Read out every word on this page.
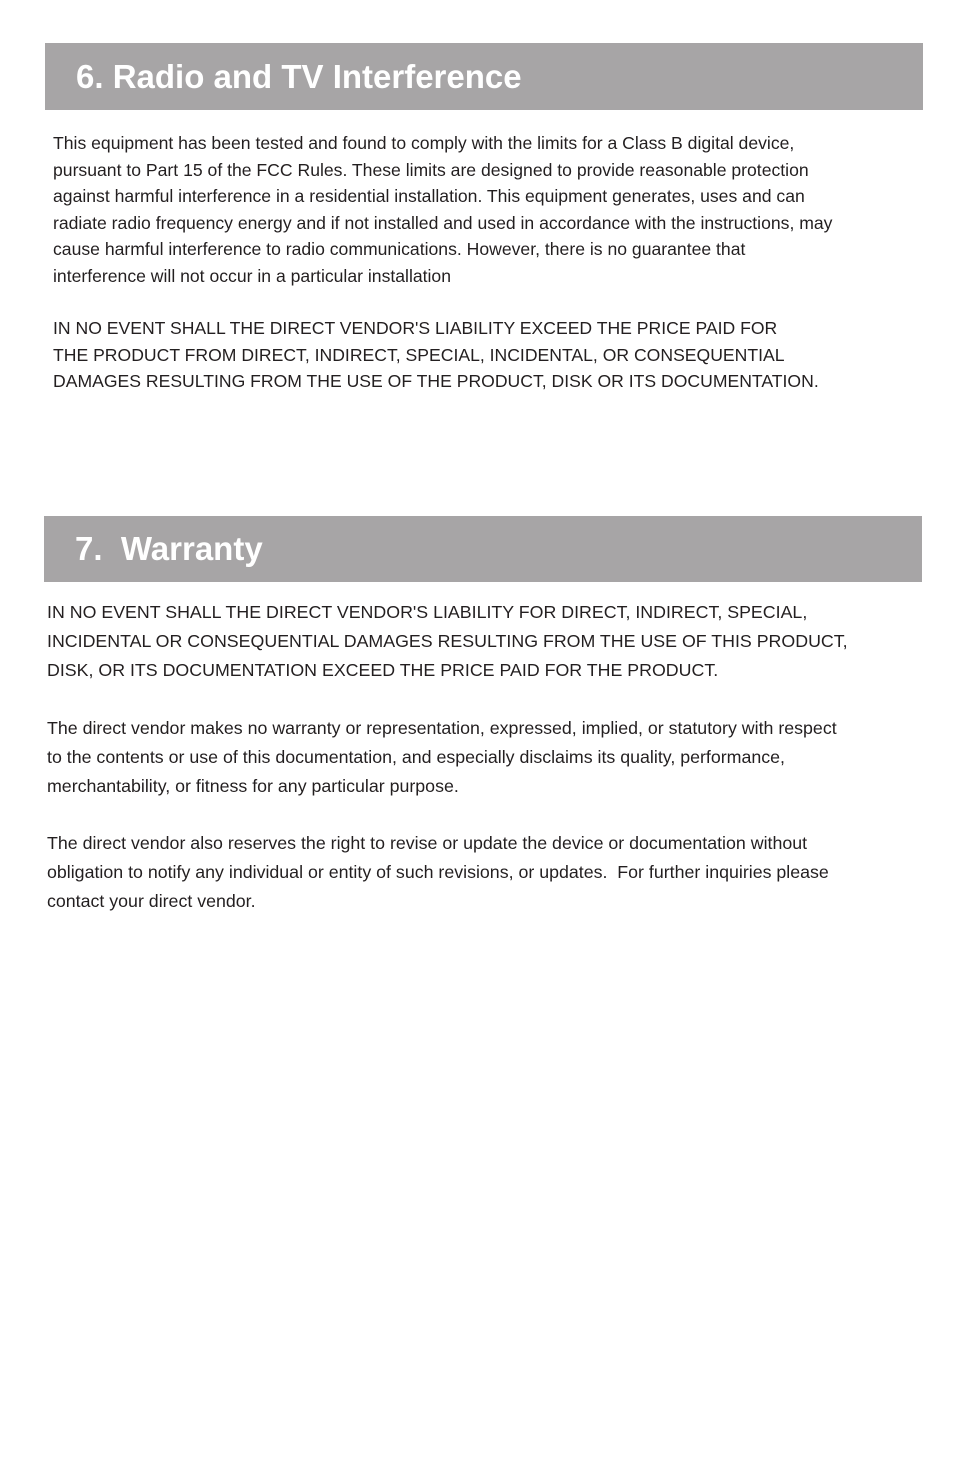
6. Radio and TV Interference

This equipment has been tested and found to comply with the limits for a Class B digital device,
pursuant to Part 15 of the FCC Rules. These limits are designed to provide reasonable protection
against harmful interference in a residential installation. This equipment generates, uses and can
radiate radio frequency energy and if not installed and used in accordance with the instructions, may
cause harmful interference to radio communications. However, there is no guarantee that
interference will not occur in a particular installation

IN NO EVENT SHALL THE DIRECT VENDOR'S LIABILITY EXCEED THE PRICE PAID FOR
THE PRODUCT FROM DIRECT, INDIRECT, SPECIAL, INCIDENTAL, OR CONSEQUENTIAL
DAMAGES RESULTING FROM THE USE OF THE PRODUCT, DISK OR ITS DOCUMENTATION.

7.  Warranty

IN NO EVENT SHALL THE DIRECT VENDOR'S LIABILITY FOR DIRECT, INDIRECT, SPECIAL,
INCIDENTAL OR CONSEQUENTIAL DAMAGES RESULTING FROM THE USE OF THIS PRODUCT,
DISK, OR ITS DOCUMENTATION EXCEED THE PRICE PAID FOR THE PRODUCT.

The direct vendor makes no warranty or representation, expressed, implied, or statutory with respect
to the contents or use of this documentation, and especially disclaims its quality, performance,
merchantability, or fitness for any particular purpose.

The direct vendor also reserves the right to revise or update the device or documentation without
obligation to notify any individual or entity of such revisions, or updates.  For further inquiries please
contact your direct vendor.
